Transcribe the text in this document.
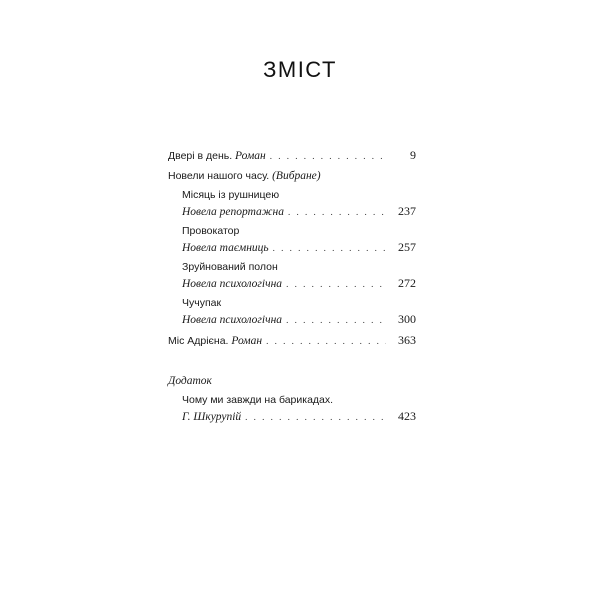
ЗМІСТ
Двері в день. Роман . . .	9
Новели нашого часу. (Вибране)
Місяць із рушницею
Новела репортажна . . .	237
Провокатор
Новела таємниць . . .	257
Зруйнований полон
Новела психологічна . . .	272
Чучупак
Новела психологічна . . .	300
Міс Адрієна. Роман . . .	363
Додаток
Чому ми завжди на барикадах.
Г. Шкурупій . . .	423
